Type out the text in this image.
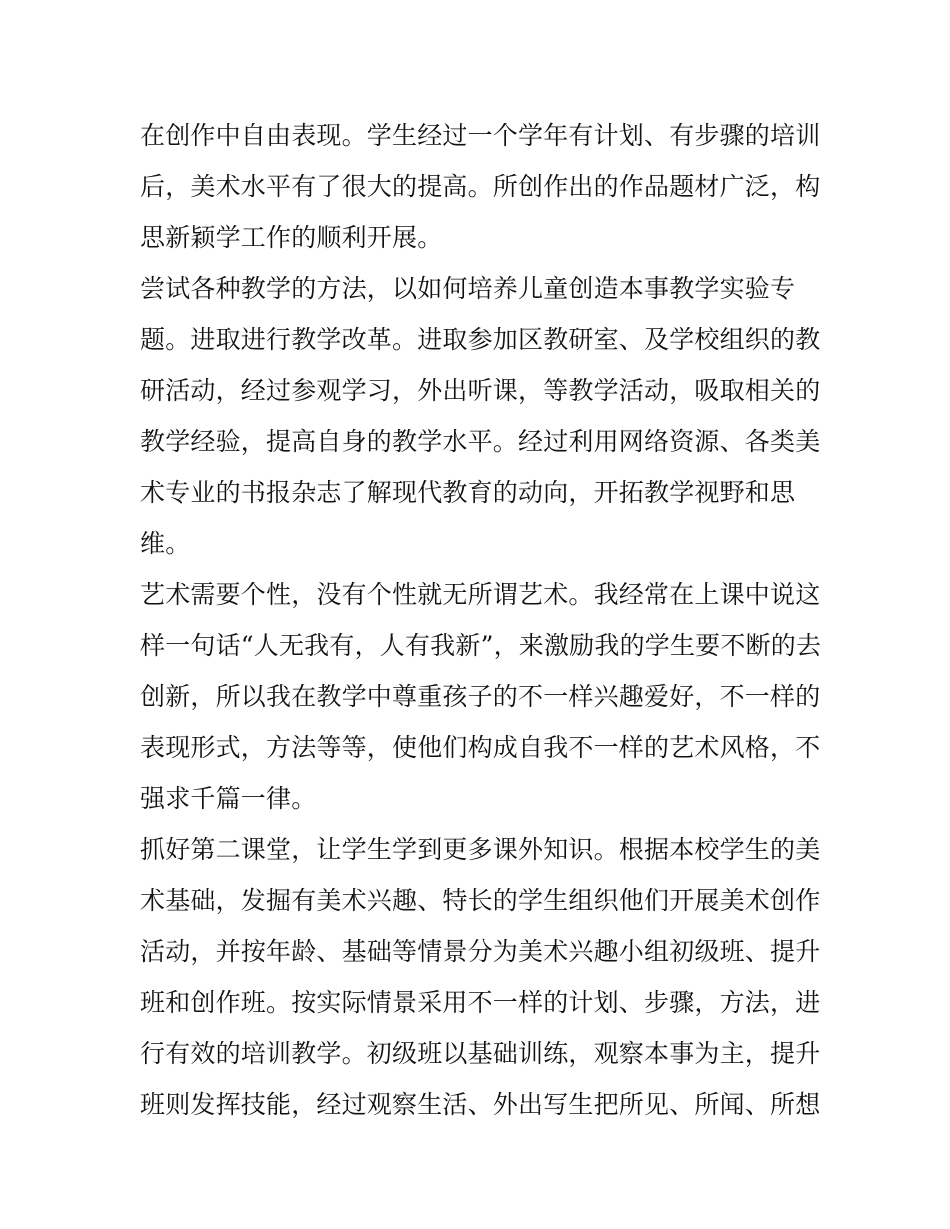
在创作中自由表现。学生经过一个学年有计划、有步骤的培训
后，美术水平有了很大的提高。所创作出的作品题材广泛，构
思新颖学工作的顺利开展。
尝试各种教学的方法，以如何培养儿童创造本事教学实验专
题。进取进行教学改革。进取参加区教研室、及学校组织的教
研活动，经过参观学习，外出听课，等教学活动，吸取相关的
教学经验，提高自身的教学水平。经过利用网络资源、各类美
术专业的书报杂志了解现代教育的动向，开拓教学视野和思
维。
艺术需要个性，没有个性就无所谓艺术。我经常在上课中说这
样一句话“人无我有，人有我新”，来激励我的学生要不断的去
创新，所以我在教学中尊重孩子的不一样兴趣爱好，不一样的
表现形式，方法等等，使他们构成自我不一样的艺术风格，不
强求千篇一律。
抓好第二课堂，让学生学到更多课外知识。根据本校学生的美
术基础，发掘有美术兴趣、特长的学生组织他们开展美术创作
活动，并按年龄、基础等情景分为美术兴趣小组初级班、提升
班和创作班。按实际情景采用不一样的计划、步骤，方法，进
行有效的培训教学。初级班以基础训练，观察本事为主，提升
班则发挥技能，经过观察生活、外出写生把所见、所闻、所想
